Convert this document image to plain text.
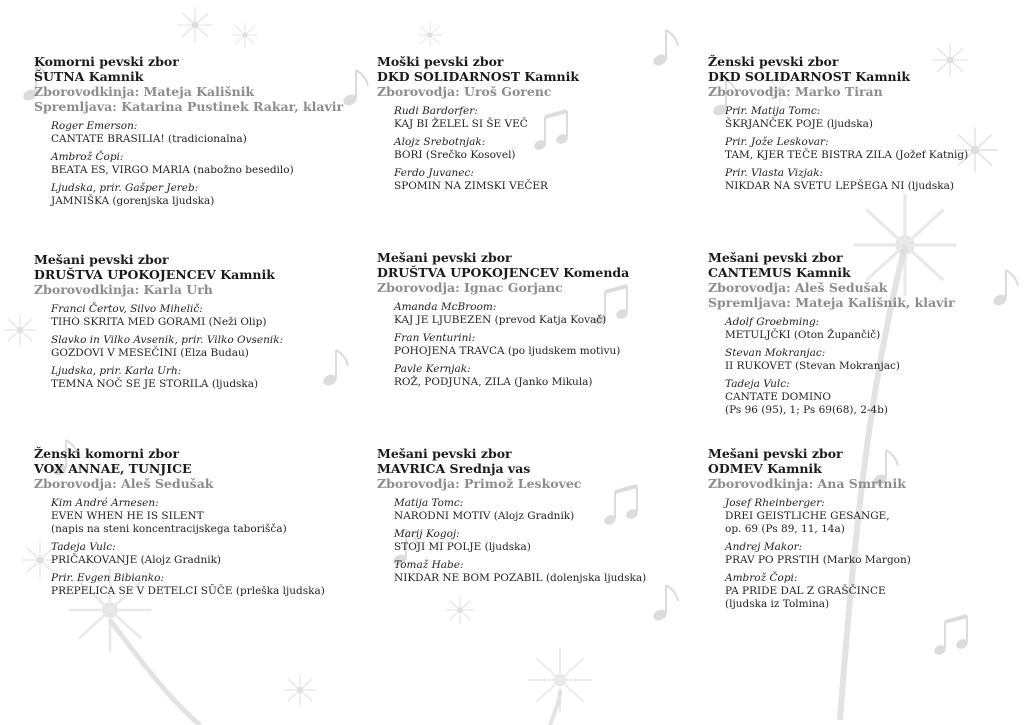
Komorni pevski zbor
ŠUTNA Kamnik
Zborovodkinja: Mateja Kališnik
Spremljava: Katarina Pustinek Rakar, klavir
Roger Emerson:
CANTATE BRASILIA! (tradicionalna)
Ambrož Čopi:
BEATA ES, VIRGO MARIA (nabožno besedilo)
Ljudska, prir. Gašper Jereb:
JAMNIŠKA (gorenjska ljudska)
Mešani pevski zbor
DRUŠTVA UPOKOJENCEV Kamnik
Zborovodkinja: Karla Urh
Franci Čertov, Silvo Mihelič:
TIHO SKRITA MED GORAMI (Neži Olip)
Slavko in Vilko Avsenik, prir. Vilko Ovsenik:
GOZDOVI V MESEČINI (Elza Budau)
Ljudska, prir. Karla Urh:
TEMNA NOČ SE JE STORILA (ljudska)
Ženski komorni zbor
VOX ANNAE, TUNJICE
Zborovodja: Aleš Sedušak
Kim André Arnesen:
EVEN WHEN HE IS SILENT
(napis na steni koncentracijskega taborišča)
Tadeja Vulc:
PRIČAKOVANJE (Alojz Gradnik)
Prir. Evgen Bibianko:
PREPELICA SE V DETELCI SŪČE (prleška ljudska)
Moški pevski zbor
DKD SOLIDARNOST Kamnik
Zborovodja: Uroš Gorenc
Rudi Bardorfer:
KAJ BI ŽELEL SI ŠE VEČ
Alojz Srebotnjak:
BORI (Srečko Kosovel)
Ferdo Juvanec:
SPOMIN NA ZIMSKI VEČER
Mešani pevski zbor
DRUŠTVA UPOKOJENCEV Komenda
Zborovodja: Ignac Gorjanc
Amanda McBroom:
KAJ JE LJUBEZEN (prevod Katja Kovač)
Fran Venturini:
POHOJENA TRAVCA (po ljudskem motivu)
Pavle Kernjak:
ROŽ, PODJUNA, ZILA (Janko Mikula)
Mešani pevski zbor
MAVRICA Srednja vas
Zborovodja: Primož Leskovec
Matija Tomc:
NARODNI MOTIV (Alojz Gradnik)
Marij Kogoj:
STOJI MI POLJE (ljudska)
Tomaž Habe:
NIKDAR NE BOM POZABIL (dolenjska ljudska)
Ženski pevski zbor
DKD SOLIDARNOST Kamnik
Zborovodja: Marko Tiran
Prir. Matija Tomc:
ŠKRJANČEK POJE (ljudska)
Prir. Jože Leskovar:
TAM, KJER TEČE BISTRA ZILA (Jožef Katnig)
Prir. Vlasta Vizjak:
NIKDAR NA SVETU LEPŠEGA NI (ljudska)
Mešani pevski zbor
CANTEMUS Kamnik
Zborovodja: Aleš Sedušak
Spremljava: Mateja Kališnik, klavir
Adolf Groebming:
METULJČKI (Oton Župančič)
Stevan Mokranjac:
II RUKOVET (Stevan Mokranjac)
Tadeja Vulc:
CANTATE DOMINO
(Ps 96 (95), 1; Ps 69(68), 2-4b)
Mešani pevski zbor
ODMEV Kamnik
Zborovodkinja: Ana Smrtnik
Josef Rheinberger:
DREI GEISTLICHE GESANGE,
op. 69 (Ps 89, 11, 14a)
Andrej Makor:
PRAV PO PRSTIH (Marko Margon)
Ambrož Čopi:
PA PRIDE DAL Z GRAŠČINCE
(ljudska iz Tolmina)
